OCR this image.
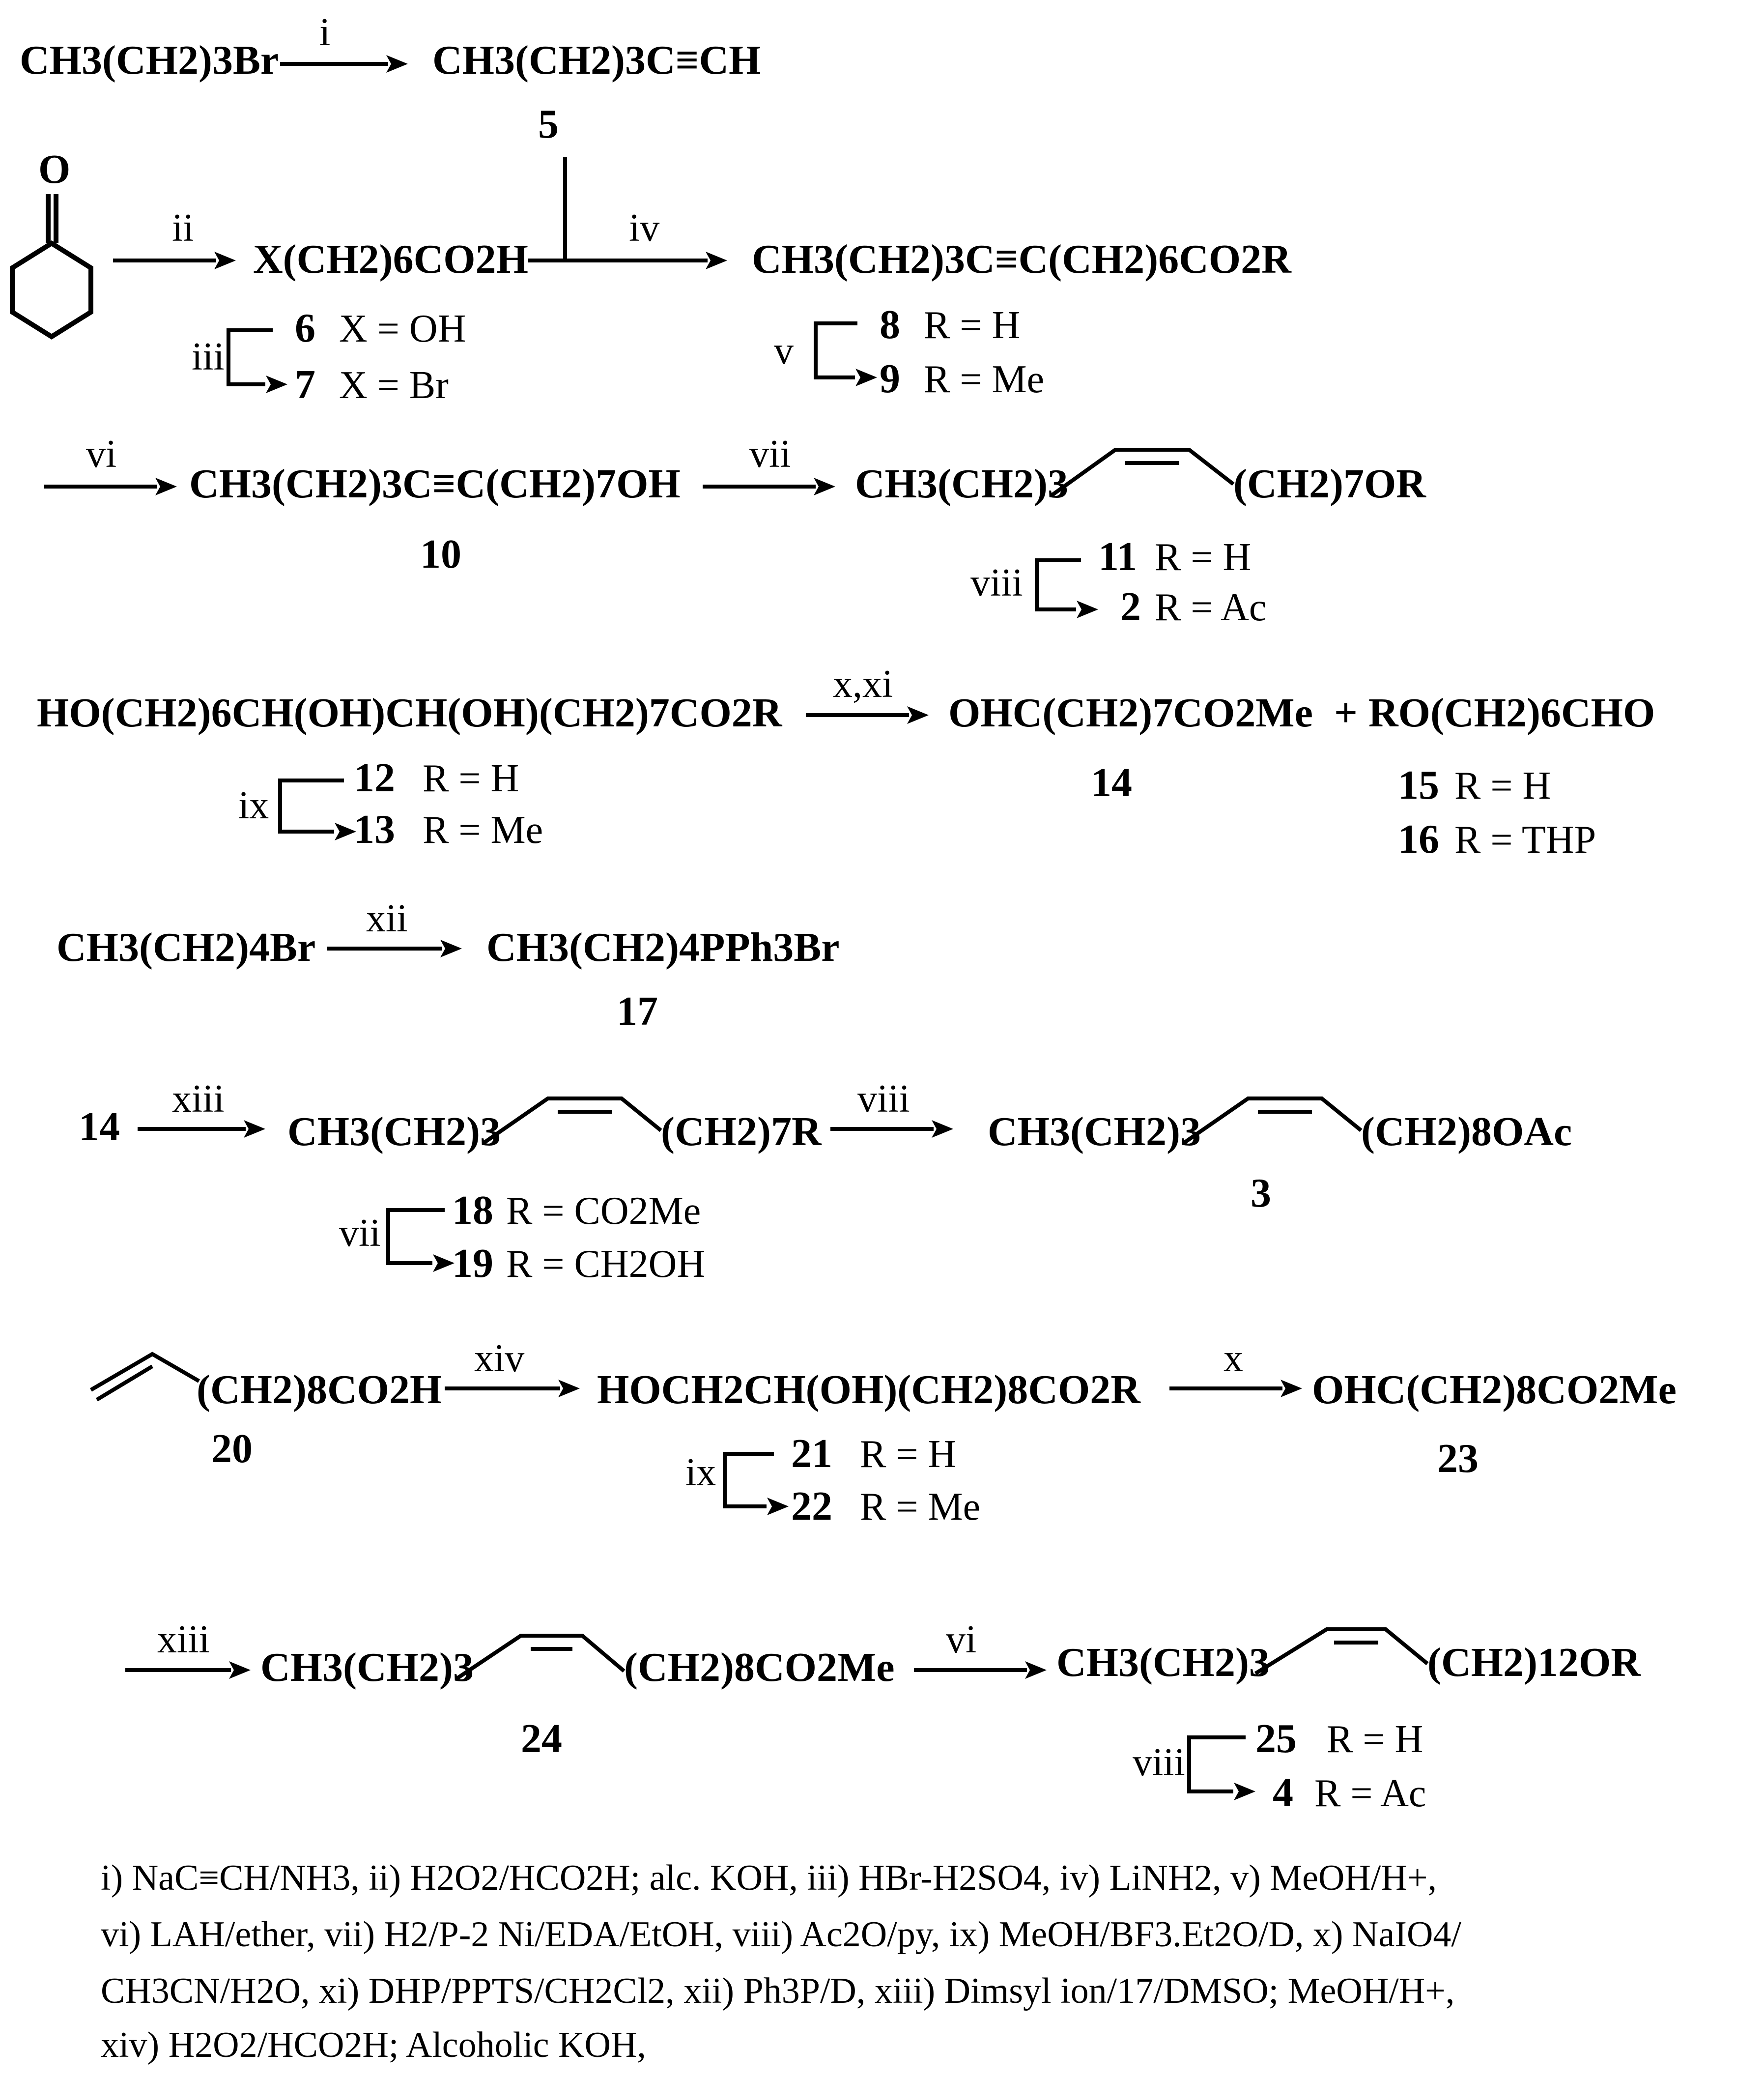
CH3(CH2)3Br
i
CH3(CH2)3C≡CH
5
O
ii
X(CH2)6CO2H
iii
6 X = OH
7 X = Br
iv
CH3(CH2)3C≡C(CH2)6CO2R
v
8 R = H
9 R = Me
vi
CH3(CH2)3C≡C(CH2)7OH
10
vii
CH3(CH2)3	(CH2)7OR
viii
11 R = H
2 R = Ac
HO(CH2)6CH(OH)CH(OH)(CH2)7CO2R
x,xi
OHC(CH2)7CO2Me + RO(CH2)6CHO
ix
12 R = H
13 R = Me
14	15 R = H
16 R = THP
CH3(CH2)4Br
xii
CH3(CH2)4PPh3Br
17
14
xiii
CH3(CH2)3	(CH2)7R
viii
CH3(CH2)3	(CH2)8OAc
3
vii 18 R = CO2Me
19 R = CH2OH
(CH2)8CO2H
20
xiv
HOCH2CH(OH)(CH2)8CO2R
x
OHC(CH2)8CO2Me
23
ix 21 R = H
22 R = Me
xiii
CH3(CH2)3	(CH2)8CO2Me
24
vi CH3(CH2)3	(CH2)12OR
viii
25 R = H
4 R = Ac
i) NaC≡CH/NH3, ii) H2O2/HCO2H; alc. KOH, iii) HBr-H2SO4, iv) LiNH2, v) MeOH/H+,
vi) LAH/ether, vii) H2/P-2 Ni/EDA/EtOH, viii) Ac2O/py, ix) MeOH/BF3.Et2O/D, x) NaIO4/
CH3CN/H2O, xi) DHP/PPTS/CH2Cl2, xii) Ph3P/D, xiii) Dimsyl ion/17/DMSO; MeOH/H+,
xiv) H2O2/HCO2H; Alcoholic KOH,
